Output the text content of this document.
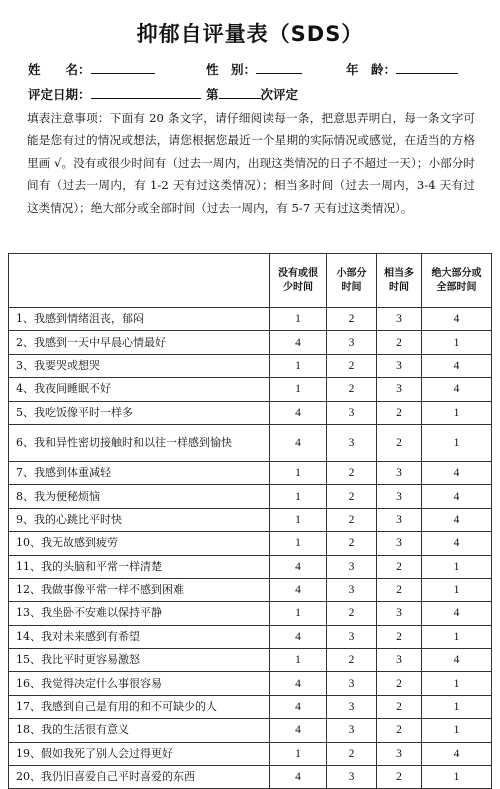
抑郁自评量表（SDS）
姓　　名：	性　别：	年　龄：
评定日期：	第	次评定
填表注意事项：下面有 20 条文字，请仔细阅读每一条，把意思弄明白，每一条文字可能是您有过的情况或想法，请您根据您最近一个星期的实际情况或感觉，在适当的方格里画 √。没有或很少时间有（过去一周内，出现这类情况的日子不超过一天）；小部分时间有（过去一周内，有 1-2 天有过这类情况）；相当多时间（过去一周内，3-4 天有过这类情况）；绝大部分或全部时间（过去一周内，有 5-7 天有过这类情况）。
	没有或很少时间	小部分时间	相当多时间	绝大部分或全部时间
1、我感到情绪沮丧，郁闷	1	2	3	4
2、我感到一天中早晨心情最好	4	3	2	1
3、我要哭或想哭	1	2	3	4
4、我夜间睡眠不好	1	2	3	4
5、我吃饭像平时一样多	4	3	2	1
6、我和异性密切接触时和以往一样感到愉快	4	3	2	1
7、我感到体重减轻	1	2	3	4
8、我为便秘烦恼	1	2	3	4
9、我的心跳比平时快	1	2	3	4
10、我无故感到疲劳	1	2	3	4
11、我的头脑和平常一样清楚	4	3	2	1
12、我做事像平常一样不感到困难	4	3	2	1
13、我坐卧不安难以保持平静	1	2	3	4
14、我对未来感到有希望	4	3	2	1
15、我比平时更容易激怒	1	2	3	4
16、我觉得决定什么事很容易	4	3	2	1
17、我感到自己是有用的和不可缺少的人	4	3	2	1
18、我的生活很有意义	4	3	2	1
19、假如我死了别人会过得更好	1	2	3	4
20、我仍旧喜爱自己平时喜爱的东西	4	3	2	1
